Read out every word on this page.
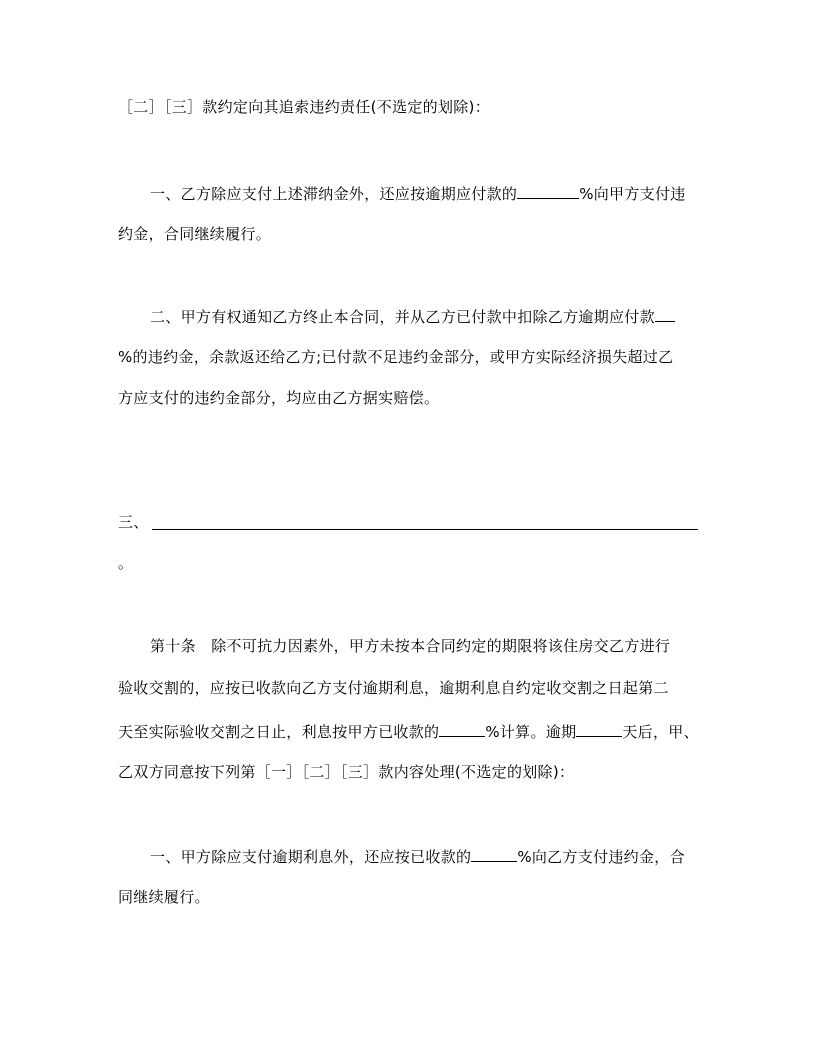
［二］［三］款约定向其追索违约责任(不选定的划除)：
一、乙方除应支付上述滞纳金外，还应按逾期应付款的	%向甲方支付违
约金，合同继续履行。
二、甲方有权通知乙方终止本合同，并从乙方已付款中扣除乙方逾期应付款
%的违约金，余款返还给乙方;已付款不足违约金部分，或甲方实际经济损失超过乙
方应支付的违约金部分，均应由乙方据实赔偿。
三、
。
第十条　除不可抗力因素外，甲方未按本合同约定的期限将该住房交乙方进行
验收交割的，应按已收款向乙方支付逾期利息，逾期利息自约定收交割之日起第二
天至实际验收交割之日止，利息按甲方已收款的	%计算。逾期	天后，甲、
乙双方同意按下列第［一］［二］［三］款内容处理(不选定的划除)：
一、甲方除应支付逾期利息外，还应按已收款的	%向乙方支付违约金，合
同继续履行。
